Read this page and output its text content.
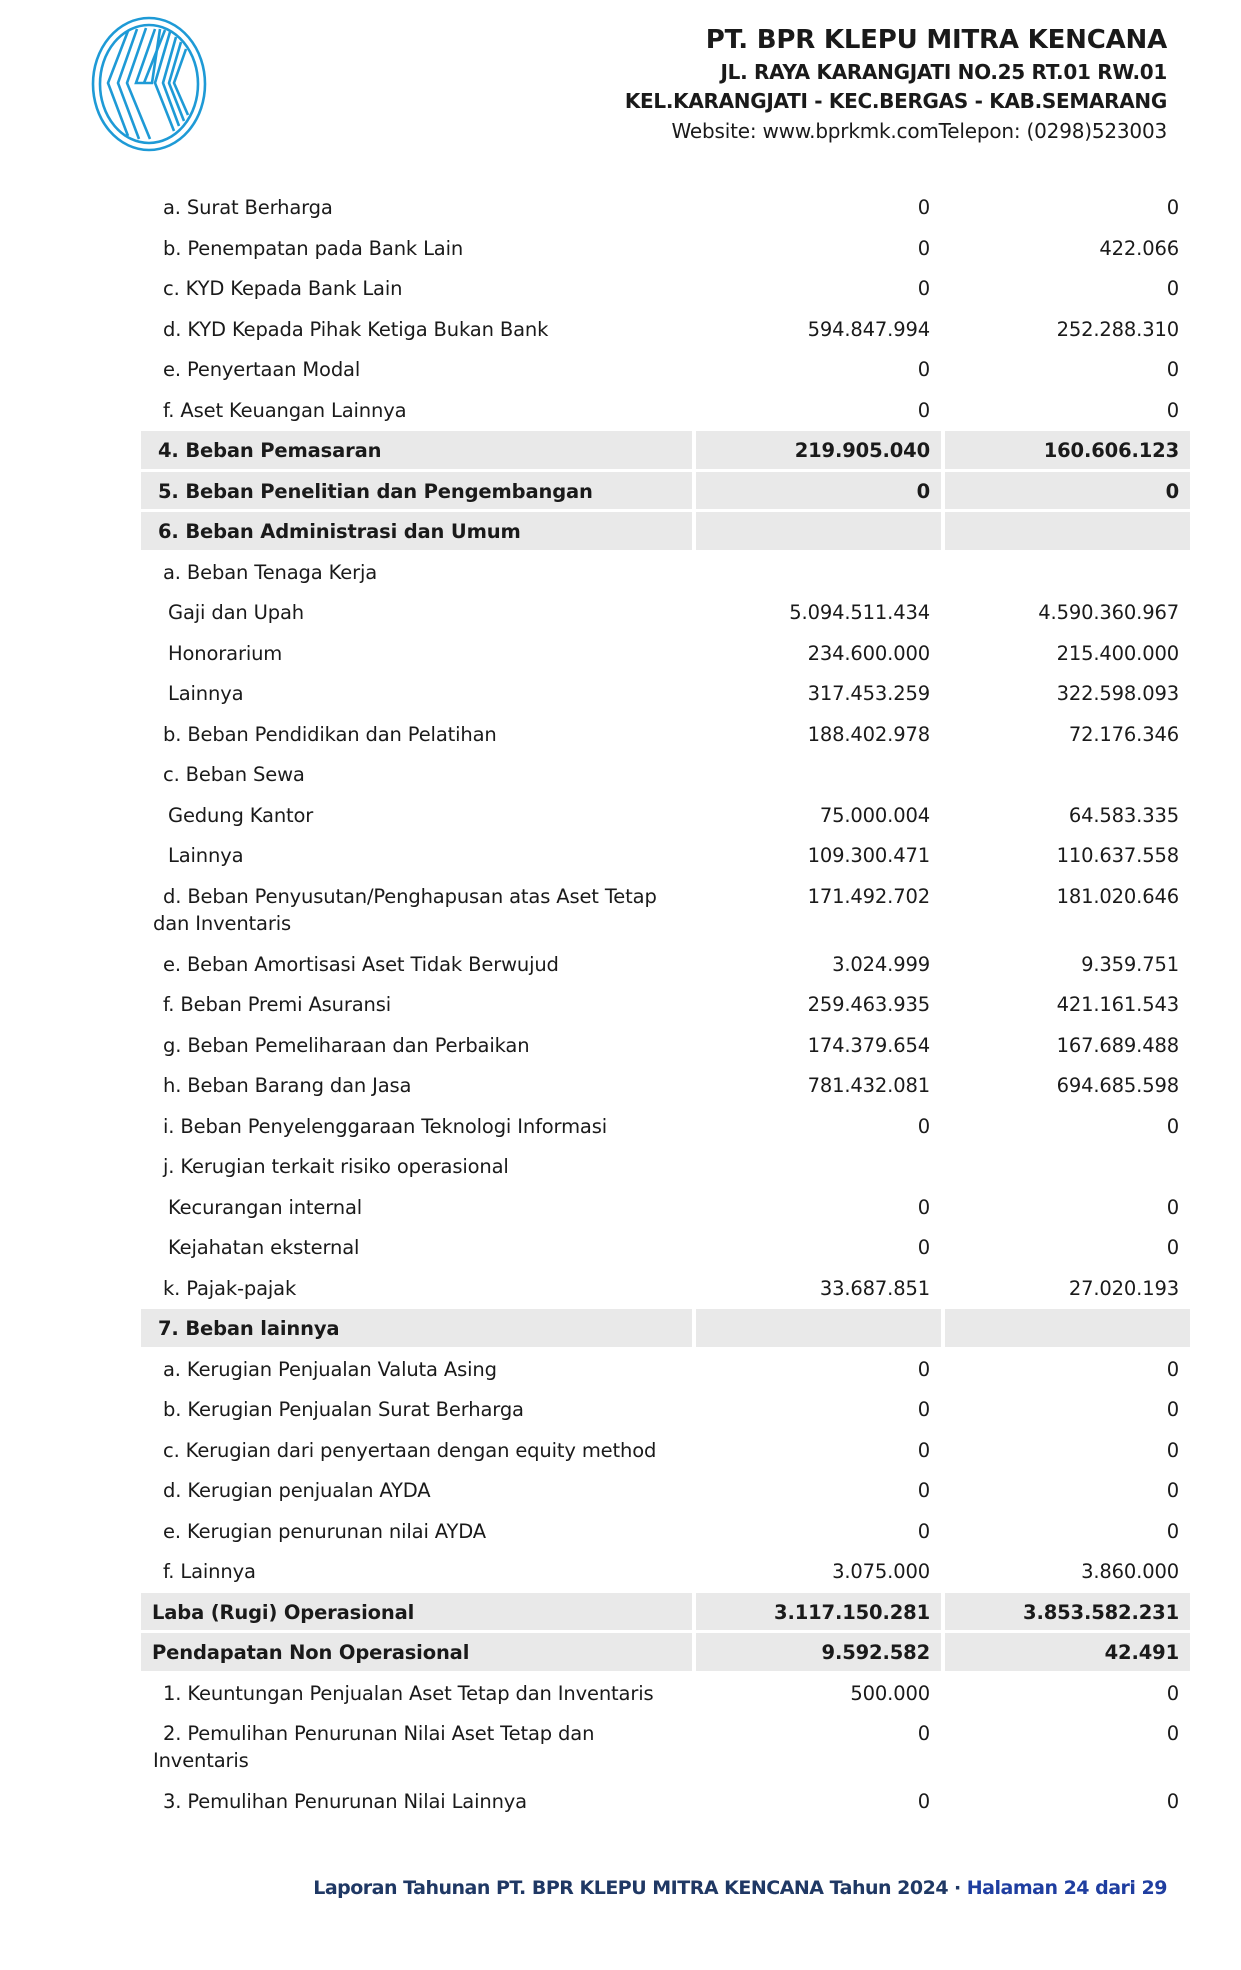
PT. BPR KLEPU MITRA KENCANA
JL. RAYA KARANGJATI NO.25 RT.01 RW.01
KEL.KARANGJATI - KEC.BERGAS - KAB.SEMARANG
Website: www.bprkmk.comTelepon: (0298)523003
a. Surat Berharga	0	0
b. Penempatan pada Bank Lain	0	422.066
c. KYD Kepada Bank Lain	0	0
d. KYD Kepada Pihak Ketiga Bukan Bank	594.847.994	252.288.310
e. Penyertaan Modal	0	0
f. Aset Keuangan Lainnya	0	0
4. Beban Pemasaran	219.905.040	160.606.123
5. Beban Penelitian dan Pengembangan	0	0
6. Beban Administrasi dan Umum		
a. Beban Tenaga Kerja		
Gaji dan Upah	5.094.511.434	4.590.360.967
Honorarium	234.600.000	215.400.000
Lainnya	317.453.259	322.598.093
b. Beban Pendidikan dan Pelatihan	188.402.978	72.176.346
c. Beban Sewa		
Gedung Kantor	75.000.004	64.583.335
Lainnya	109.300.471	110.637.558
d. Beban Penyusutan/Penghapusan atas Aset Tetap dan Inventaris	171.492.702	181.020.646
e. Beban Amortisasi Aset Tidak Berwujud	3.024.999	9.359.751
f. Beban Premi Asuransi	259.463.935	421.161.543
g. Beban Pemeliharaan dan Perbaikan	174.379.654	167.689.488
h. Beban Barang dan Jasa	781.432.081	694.685.598
i. Beban Penyelenggaraan Teknologi Informasi	0	0
j. Kerugian terkait risiko operasional		
Kecurangan internal	0	0
Kejahatan eksternal	0	0
k. Pajak-pajak	33.687.851	27.020.193
7. Beban lainnya		
a. Kerugian Penjualan Valuta Asing	0	0
b. Kerugian Penjualan Surat Berharga	0	0
c. Kerugian dari penyertaan dengan equity method	0	0
d. Kerugian penjualan AYDA	0	0
e. Kerugian penurunan nilai AYDA	0	0
f. Lainnya	3.075.000	3.860.000
Laba (Rugi) Operasional	3.117.150.281	3.853.582.231
Pendapatan Non Operasional	9.592.582	42.491
1. Keuntungan Penjualan Aset Tetap dan Inventaris	500.000	0
2. Pemulihan Penurunan Nilai Aset Tetap dan Inventaris	0	0
3. Pemulihan Penurunan Nilai Lainnya	0	0
Laporan Tahunan PT. BPR KLEPU MITRA KENCANA Tahun 2024 · Halaman 24 dari 29
